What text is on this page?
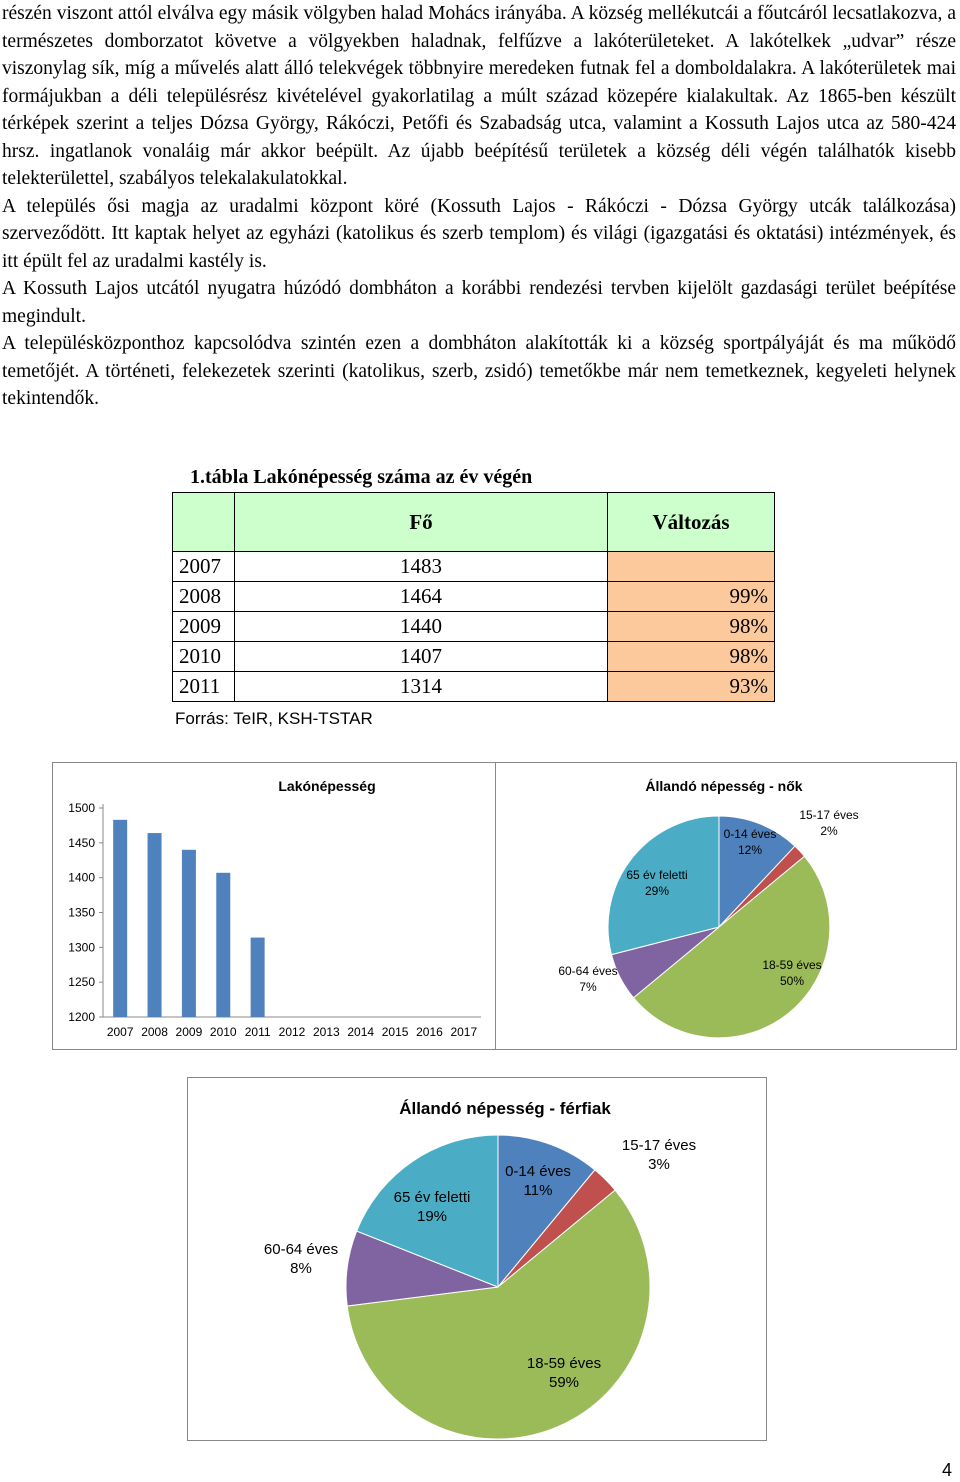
részén viszont attól elválva egy másik völgyben halad Mohács irányába. A község mellékutcái a főutcáról lecsatlakozva, a természetes domborzatot követve a völgyekben haladnak, felfűzve a lakóterületeket. A lakótelkek „udvar” része viszonylag sík, míg a művelés alatt álló telekvégek többnyire meredeken futnak fel a domboldalakra. A lakóterületek mai formájukban a déli településrész kivételével gyakorlatilag a múlt század közepére kialakultak. Az 1865-ben készült térképek szerint a teljes Dózsa György, Rákóczi, Petőfi és Szabadság utca, valamint a Kossuth Lajos utca az 580-424 hrsz. ingatlanok vonaláig már akkor beépült. Az újabb beépítésű területek a község déli végén találhatók kisebb telekterülettel, szabályos telekalakulatokkal.

A település ősi magja az uradalmi központ köré (Kossuth Lajos - Rákóczi - Dózsa György utcák találkozása) szerveződött. Itt kaptak helyet az egyházi (katolikus és szerb templom) és világi (igazgatási és oktatási) intézmények, és itt épült fel az uradalmi kastély is.

A Kossuth Lajos utcától nyugatra húzódó dombháton a korábbi rendezési tervben kijelölt gazdasági terület beépítése megindult.

A településközponthoz kapcsolódva szintén ezen a dombháton alakították ki a község sportpályáját és ma működő temetőjét. A történeti, felekezetek szerinti (katolikus, szerb, zsidó) temetőkbe már nem temetkeznek, kegyeleti helynek tekintendők.

1.tábla Lakónépesség száma az év végén
	Fő	Változás
2007	1483	
2008	1464	99%
2009	1440	98%
2010	1407	98%
2011	1314	93%
Forrás: TeIR, KSH-TSTAR
Lakónépesség
1200
1250
1300
1350
1400
1450
1500
2007 2008 2009 2010 2011 2012 2013 2014 2015 2016 2017
Állandó népesség - nők
0-14 éves
12%
15-17 éves
2%
18-59 éves
50%
60-64 éves
7%
65 év feletti
29%
Állandó népesség - férfiak
0-14 éves
11%
15-17 éves
3%
18-59 éves
59%
60-64 éves
8%
65 év feletti
19%
4
